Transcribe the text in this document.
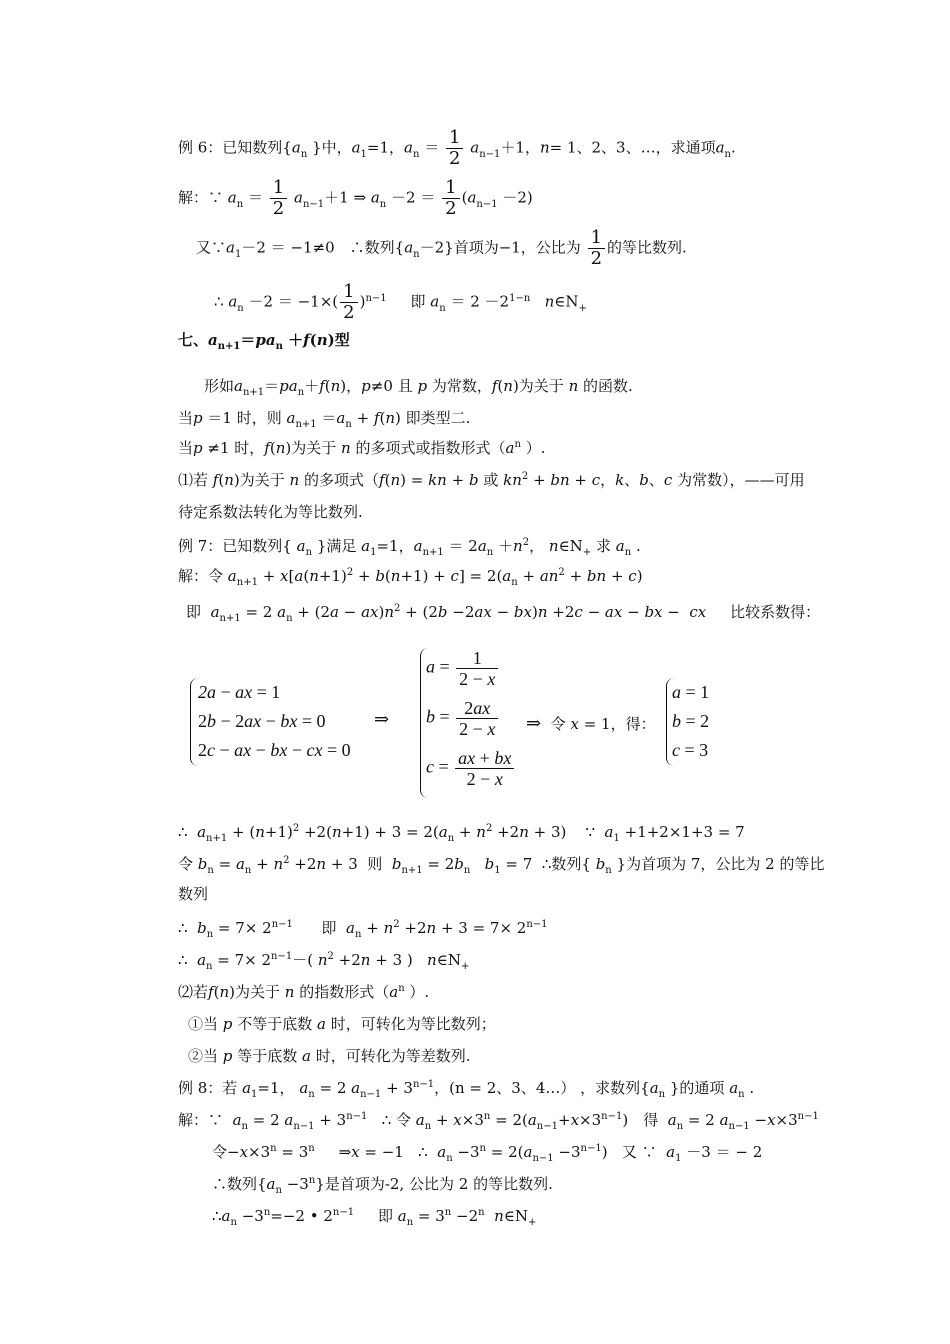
例 6：已知数列{$a_n$ }中，$a_1=1$，$a_n = \frac{1}{2} a_{n-1}+1$，n= 1、2、3、…，求通项$a_n$.
解：∵ $a_n = \frac{1}{2} a_{n-1}+1$ ⇒ $a_n -2 = \frac{1}{2} (a_{n-1} -2)$
又$\because a_1-2 = -1\ne 0$　∴数列$\{a_n-2\}$首项为−1，公比为 $\frac{1}{2}$ 的等比数列.
∴ $a_n -2 = -1\times( \frac{1}{2} )^{n-1}$ 即 $a_n = 2 -2^{1-n}$ $n\in N_+$
七、$a_{n+1}=pa_n +f(n)$型
形如$a_{n+1}=pa_n+f(n)$，p≠0 且 p 为常数，f(n)为关于 n 的函数.
当p ＝1 时，则 $a_{n+1} =a_n + f(n)$ 即类型二.
当p ≠1 时，f(n)为关于 n 的多项式或指数形式（$a^n$ ）.
⑴若 f(n)为关于 n 的多项式（f(n) = kn + b 或 $kn^2$ + bn + c，k、b、c 为常数），——可用
待定系数法转化为等比数列.
例 7：已知数列{ $a_n$ }满足 $a_1=1$，$a_{n+1} = 2a_n +n^2$， $n\in N_+$ 求 $a_n$ .
解：令 $a_{n+1} + x[a(n+1)^2 + b(n+1) + c] = 2(a_n + an^2$ + bn + c)
即 $a_{n+1} = 2$ $a_n + (2a - ax)n^2 + (2b -2ax - bx)n +2c$ − ax − bx −  cx 比较系数得：
2a − ax = 1
2b − 2ax − bx = 0
2c − ax − bx − cx = 0
⇒
$a = \frac{1}{2 - x}$
$b = \frac{2ax}{2 - x}$
$c = \frac{ax + bx}{2 - x}$
⇒ 令 x = 1，得：
a = 1
b = 2
c = 3
∴ $a_{n+1} + (n+1)^2 +2(n+1) + 3 = 2(a_n + n^2 +2n + 3)$    ∵  $a_1 +1+2\times 1+3 = 7$
令 $b_n = a_n + n^2 +2n + 3$  则  $b_{n+1} = 2b_n$ $b_1 = 7$  ∴数列{ $b_n$ }为首项为 7，公比为 2 的等比
数列
∴ $b_n = 7\times 2^{n-1}$ 即 $a_n + n^2 +2n + 3 = 7\times 2^{n-1}$
∴ $a_n = 7\times 2^{n-1}-$( $n^2 +2n + 3$ )   $n\in N_+$
⑵若f(n)为关于 n 的指数形式（$a^n$ ）.
①当 p 不等于底数 a 时，可转化为等比数列；
②当 p 等于底数 a 时，可转化为等差数列.
例 8：若 $a_1=1$， $a_n = 2$ $a_{n-1} + 3^{n-1}$，(n = 2、3、4…） ，求数列{$a_n$ }的通项 $a_n$ .
解：∵ $a_n = 2$ $a_{n-1} + 3^{n-1}$ ∴ 令 $a_n + x\times 3^n = 2(a_{n-1}+x\times 3^{n-1})$　得 $a_n = 2$ $a_{n-1} -x\times 3^{n-1}$
令$-x\times 3^n = 3^n$     ⇒x = −1   ∴  $a_n -3^n = 2(a_{n-1} -3^{n-1})$   又 ∵  $a_1 -3$ ＝ − 2
∴数列$\{a_n -3^n\}$是首项为-2, 公比为 2 的等比数列.
$\therefore a_n -3^n=-2$ • $2^{n-1}$ 即 $a_n = 3^n -2^n$ $n\in N_+$
